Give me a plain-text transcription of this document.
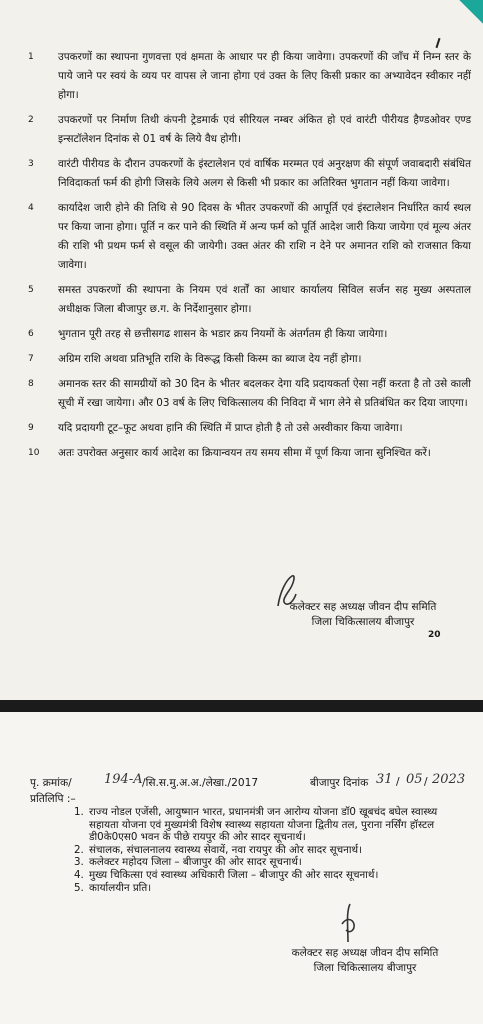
1	उपकरणों का स्थापना गुणवत्ता एवं क्षमता के आधार पर ही किया जावेगा। उपकरणों की जाँच में निम्न स्तर के पाये जाने पर स्वयं के व्यय पर वापस ले जाना होगा एवं उक्त के लिए किसी प्रकार का अभ्यावेदन स्वीकार नहीं होगा।
2	उपकरणों पर निर्माण तिथी कंपनी ट्रेडमार्क एवं सीरियल नम्बर अंकित हो एवं वारंटी पीरीयड हैण्डओवर एण्ड इन्सटॉलेशन दिनांक से 01 वर्ष के लिये वैध होगी।
3	वारंटी पीरीयड के दौरान उपकरणों के इंस्टालेशन एवं वार्षिक मरम्मत एवं अनुरक्षण की संपूर्ण जवाबदारी संबंधित निविदाकर्ता फर्म की होगी जिसके लिये अलग से किसी भी प्रकार का अतिरिक्त भुगतान नहीं किया जावेगा।
4	कार्यादेश जारी होने की तिथि से 90 दिवस के भीतर उपकरणों की आपूर्ति एवं इंस्टालेशन निर्धारित कार्य स्थल पर किया जाना होगा। पूर्ति न कर पाने की स्थिति में अन्य फर्म को पूर्ति आदेश जारी किया जायेगा एवं मूल्य अंतर की राशि भी प्रथम फर्म से वसूल की जायेगी। उक्त अंतर की राशि न देने पर अमानत राशि को राजसात किया जावेगा।
5	समस्त उपकरणों की स्थापना के नियम एवं शर्तों का आधार कार्यालय सिविल सर्जन सह मुख्य अस्पताल अधीक्षक जिला बीजापुर छ.ग. के निर्देशानुसार होगा।
6	भुगतान पूरी तरह से छत्तीसगढ शासन के भडार क्रय नियमों के अंतर्गतम ही किया जायेगा।
7	अग्रिम राशि अथवा प्रतिभूति राशि के विरूद्ध किसी किस्म का ब्याज देय नहीं होगा।
8	अमानक स्तर की सामग्रीयों को 30 दिन के भीतर बदलकर देगा यदि प्रदायकर्ता ऐसा नहीं करता है तो उसे काली सूची में रखा जायेगा। और 03 वर्ष के लिए चिकित्सालय की निविदा में भाग लेने से प्रतिबंधित कर दिया जाएगा।
9	यदि प्रदायगी टूट–फूट अथवा हानि की स्थिति में प्राप्त होती है तो उसे अस्वीकार किया जावेगा।
10	अतः उपरोक्त अनुसार कार्य आदेश का क्रियान्वयन तय समय सीमा में पूर्ण किया जाना सुनिश्चित करें।
कलेक्टर सह अध्यक्ष जीवन दीप समिति
जिला चिकित्सालय बीजापुर
20
कलेक्टर सह अध्यक्ष जीवन दीप समिति
जिला चिकित्सालय बीजापुर
पृ. क्रमांक/ 194-A /सि.स.मु.अ.अ./लेखा./2017	बीजापुर दिनांक 31 / 05 / 2023
प्रतिलिपि :–
1. राज्य नोडल एजेंसी, आयुष्मान भारत, प्रधानमंत्री जन आरोग्य योजना डॉ0 खूबचंद बघेल स्वास्थ्य सहायता योजना एवं मुख्यमंत्री विशेष स्वास्थ्य सहायता योजना द्वितीय तल, पुराना नर्सिंग हॉस्टल डी0के0एस0 भवन के पीछे रायपुर की ओर सादर सूचनार्थ।
2. संचालक, संचालनालय स्वास्थ्य सेवायें, नवा रायपुर की ओर सादर सूचनार्थ।
3. कलेक्टर महोदय जिला – बीजापुर की ओर सादर सूचनार्थ।
4. मुख्य चिकित्सा एवं स्वास्थ्य अधिकारी जिला – बीजापुर की ओर सादर सूचनार्थ।
5. कार्यालयीन प्रति।
